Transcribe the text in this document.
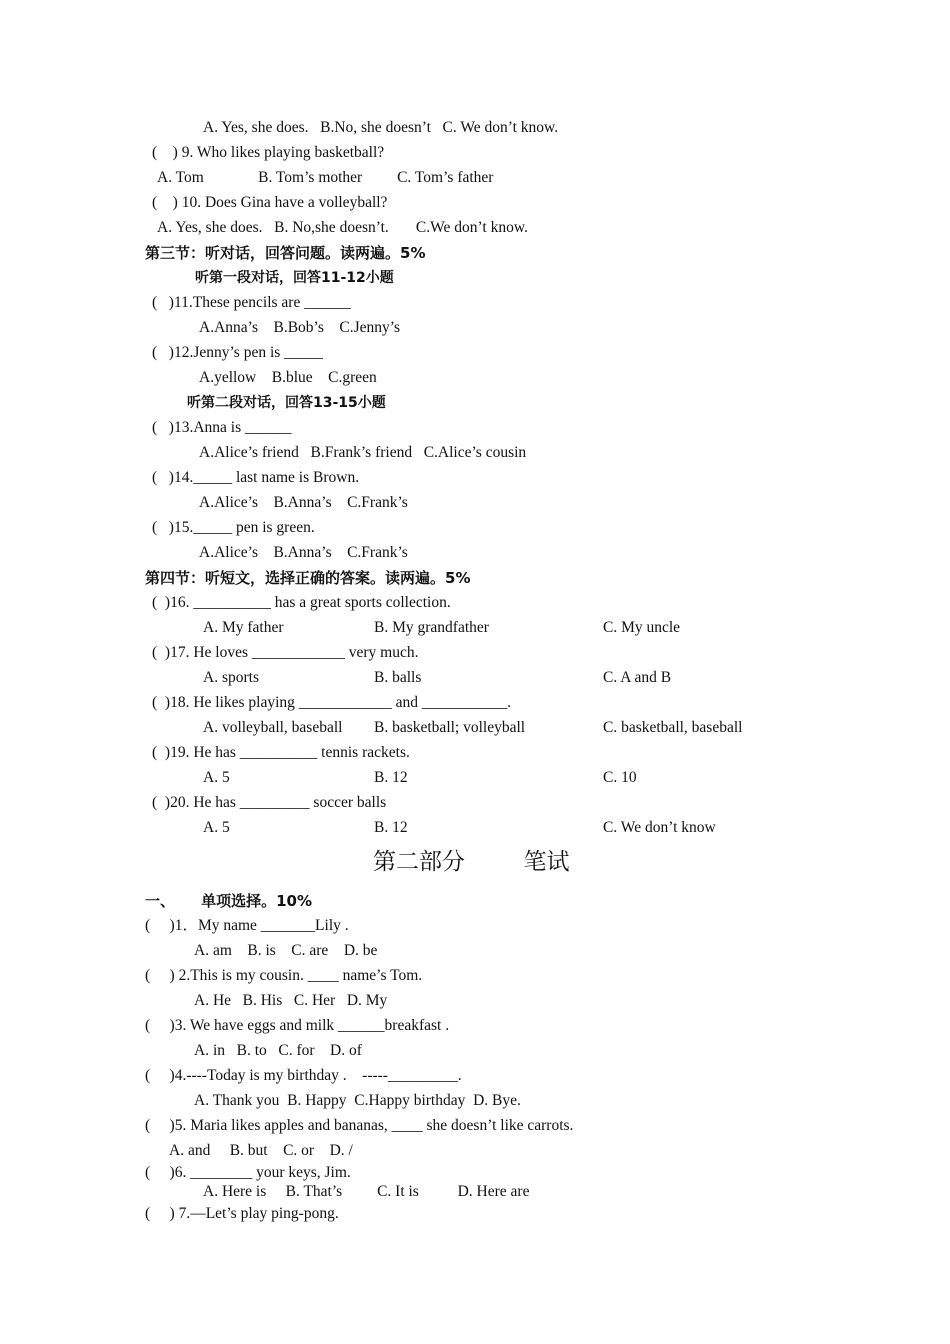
A. Yes, she does.   B.No, she doesn’t   C. We don’t know.
(    ) 9. Who likes playing basketball?
A. Tom              B. Tom’s mother         C. Tom’s father
(    ) 10. Does Gina have a volleyball?
A. Yes, she does.   B. No,she doesn’t.       C.We don’t know.
第三节：听对话，回答问题。读两遍。5%
听第一段对话，回答11-12小题
(   )11.These pencils are ______
A.Anna’s    B.Bob’s    C.Jenny’s
(   )12.Jenny’s pen is _____
A.yellow    B.blue    C.green
听第二段对话，回答13-15小题
(   )13.Anna is ______
A.Alice’s friend   B.Frank’s friend   C.Alice’s cousin
(   )14._____ last name is Brown.
A.Alice’s    B.Anna’s    C.Frank’s
(   )15._____ pen is green.
A.Alice’s    B.Anna’s    C.Frank’s
第四节：听短文，选择正确的答案。读两遍。5%
(  )16. __________ has a great sports collection.
A. My father	B. My grandfather	C. My uncle
(  )17. He loves ____________ very much.
A. sports	B. balls	C. A and B
(  )18. He likes playing ____________ and ___________.
A. volleyball, baseball B. basketball; volleyball	C. basketball, baseball
(  )19. He has __________ tennis rackets.
A. 5	B. 12	C. 10
(  )20. He has _________ soccer balls
A. 5	B. 12	C. We don’t know
第二部分        笔试
一、     单项选择。10%
(     )1．My name _______Lily .
A. am    B. is    C. are    D. be
(     ) 2.This is my cousin. ____ name’s Tom.
A. He   B. His   C. Her   D. My
(     )3. We have eggs and milk ______breakfast .
A. in   B. to   C. for    D. of
(     )4.----Today is my birthday .    -----_________.
A. Thank you  B. Happy  C.Happy birthday  D. Bye.
(     )5. Maria likes apples and bananas, ____ she doesn’t like carrots.
A. and     B. but    C. or    D. /
(     )6. ________ your keys, Jim.
A. Here is     B. That’s         C. It is          D. Here are
(     ) 7.—Let’s play ping-pong.
